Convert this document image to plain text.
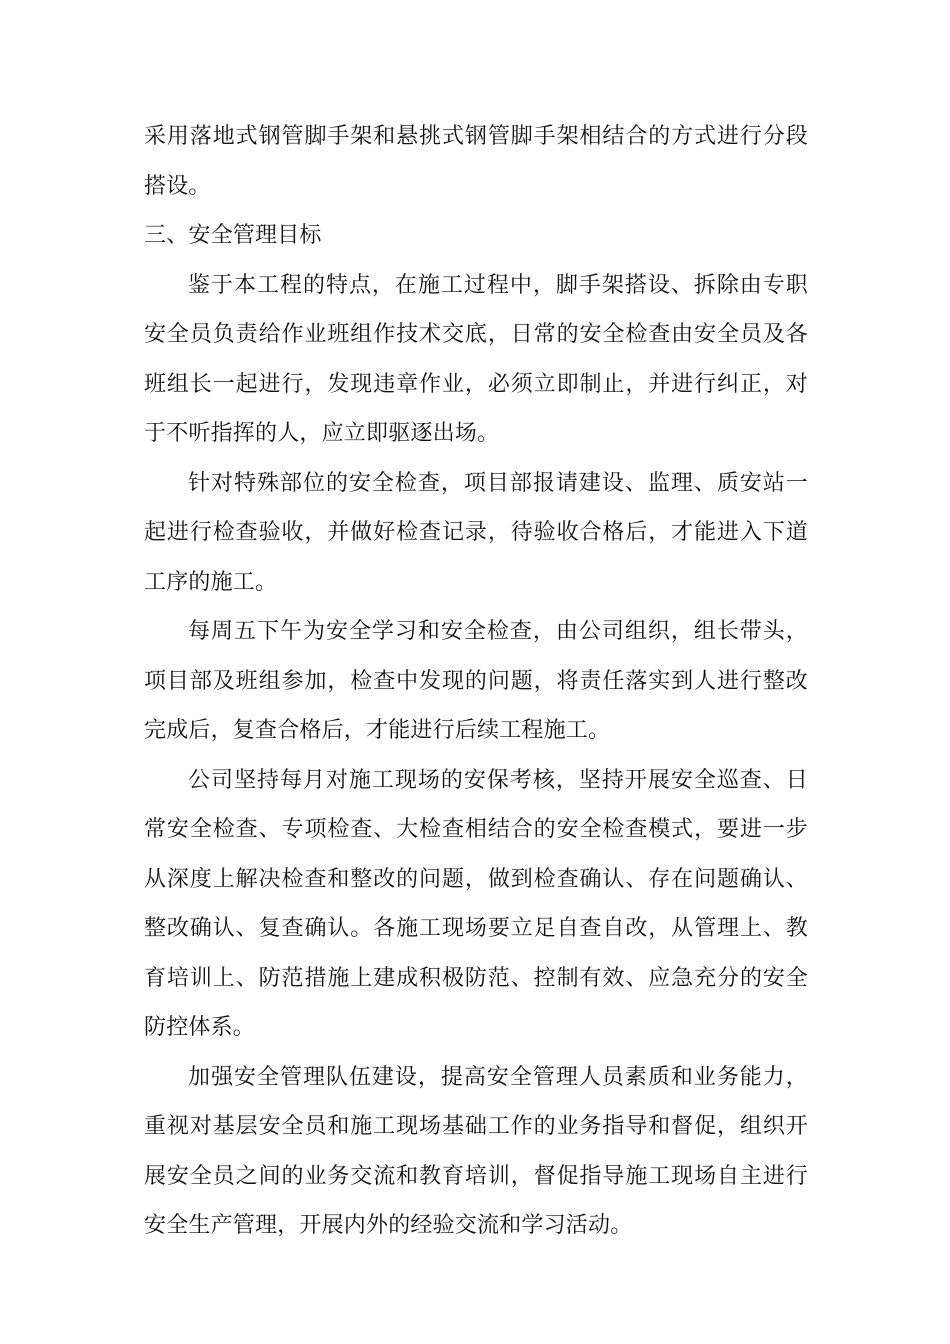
采用落地式钢管脚手架和悬挑式钢管脚手架相结合的方式进行分段搭设。

三、安全管理目标

鉴于本工程的特点，在施工过程中，脚手架搭设、拆除由专职安全员负责给作业班组作技术交底，日常的安全检查由安全员及各班组长一起进行，发现违章作业，必须立即制止，并进行纠正，对于不听指挥的人，应立即驱逐出场。

针对特殊部位的安全检查，项目部报请建设、监理、质安站一起进行检查验收，并做好检查记录，待验收合格后，才能进入下道工序的施工。

每周五下午为安全学习和安全检查，由公司组织，组长带头，项目部及班组参加，检查中发现的问题，将责任落实到人进行整改完成后，复查合格后，才能进行后续工程施工。

公司坚持每月对施工现场的安保考核，坚持开展安全巡查、日常安全检查、专项检查、大检查相结合的安全检查模式，要进一步从深度上解决检查和整改的问题，做到检查确认、存在问题确认、整改确认、复查确认。各施工现场要立足自查自改，从管理上、教育培训上、防范措施上建成积极防范、控制有效、应急充分的安全防控体系。

加强安全管理队伍建设，提高安全管理人员素质和业务能力，重视对基层安全员和施工现场基础工作的业务指导和督促，组织开展安全员之间的业务交流和教育培训，督促指导施工现场自主进行安全生产管理，开展内外的经验交流和学习活动。
